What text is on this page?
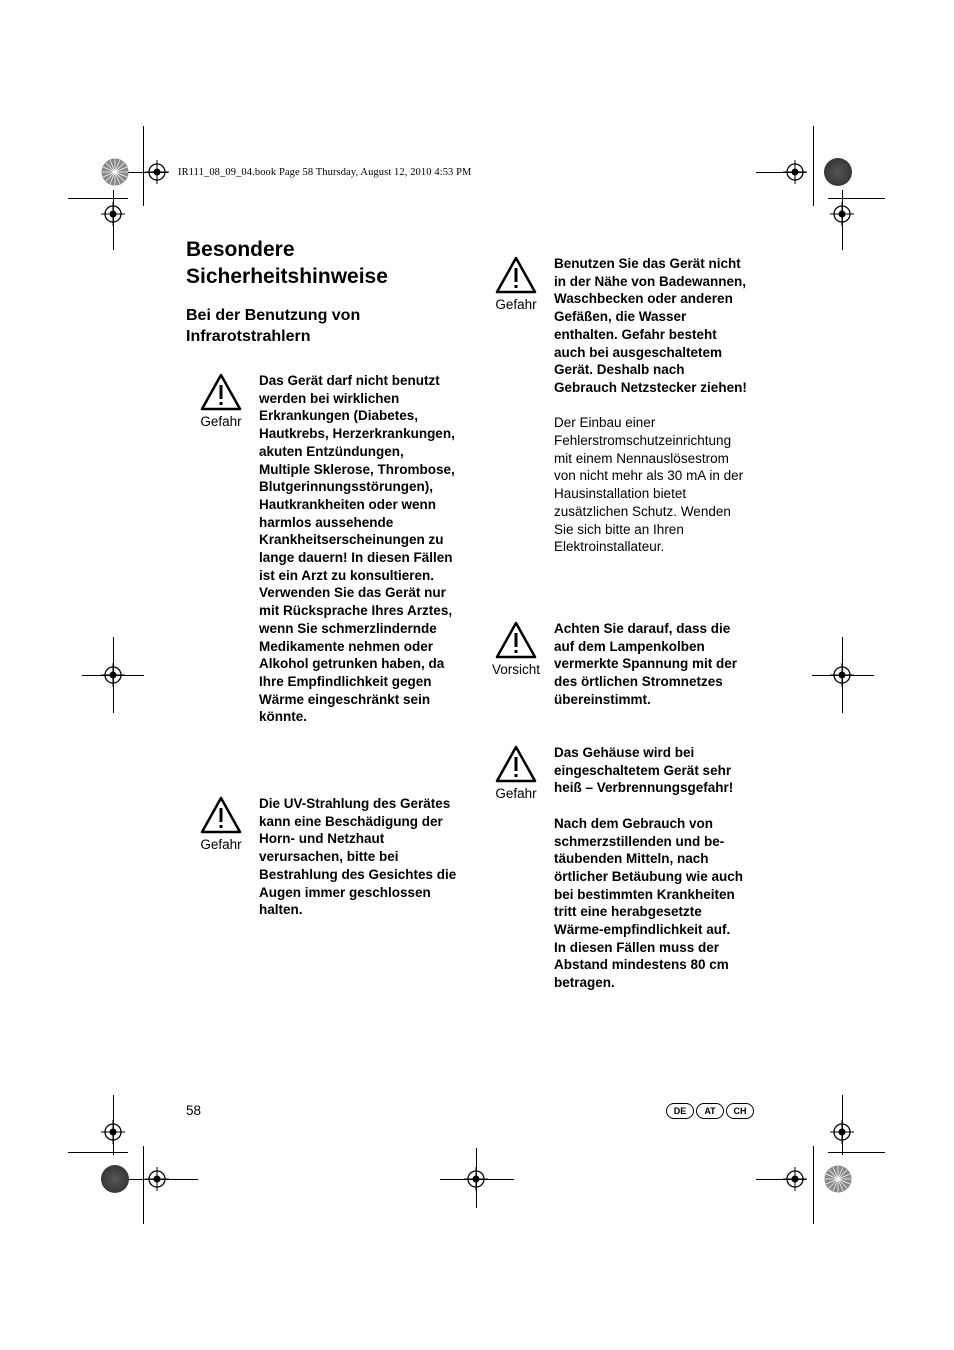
IR111_08_09_04.book Page 58 Thursday, August 12, 2010 4:53 PM
Besondere Sicherheitshinweise
Bei der Benutzung von Infrarotstrahlern
Gefahr
Das Gerät darf nicht benutzt werden bei wirklichen Erkrankungen (Diabetes, Hautkrebs, Herzerkrankungen, akuten Entzündungen, Multiple Sklerose, Thrombose, Blutgerinnungsstörungen), Hautkrankheiten oder wenn harmlos aussehende Krankheitserscheinungen zu lange dauern! In diesen Fällen ist ein Arzt zu konsultieren. Verwenden Sie das Gerät nur mit Rücksprache Ihres Arztes, wenn Sie schmerzlindernde Medikamente nehmen oder Alkohol getrunken haben, da Ihre Empfindlichkeit gegen Wärme eingeschränkt sein könnte.
Gefahr
Die UV-Strahlung des Gerätes kann eine Beschädigung der Horn- und Netzhaut verursachen, bitte bei Bestrahlung des Gesichtes die Augen immer geschlossen halten.
Gefahr
Benutzen Sie das Gerät nicht in der Nähe von Badewannen, Waschbecken oder anderen Gefäßen, die Wasser enthalten. Gefahr besteht auch bei ausgeschaltetem Gerät. Deshalb nach Gebrauch Netzstecker ziehen!
Der Einbau einer Fehlerstromschutzeinrichtung mit einem Nennauslösestrom von nicht mehr als 30 mA in der Hausinstallation bietet zusätzlichen Schutz. Wenden Sie sich bitte an Ihren Elektroinstallateur.
Vorsicht
Achten Sie darauf, dass die auf dem Lampenkolben vermerkte Spannung mit der des örtlichen Stromnetzes übereinstimmt.
Gefahr
Das Gehäuse wird bei eingeschaltetem Gerät sehr heiß – Verbrennungsgefahr!
Nach dem Gebrauch von schmerzstillenden und be-täubenden Mitteln, nach örtlicher Betäubung wie auch bei bestimmten Krankheiten tritt eine herabgesetzte Wärme-empfindlichkeit auf.
In diesen Fällen muss der Abstand mindestens 80 cm betragen.
58	DE	AT	CH
